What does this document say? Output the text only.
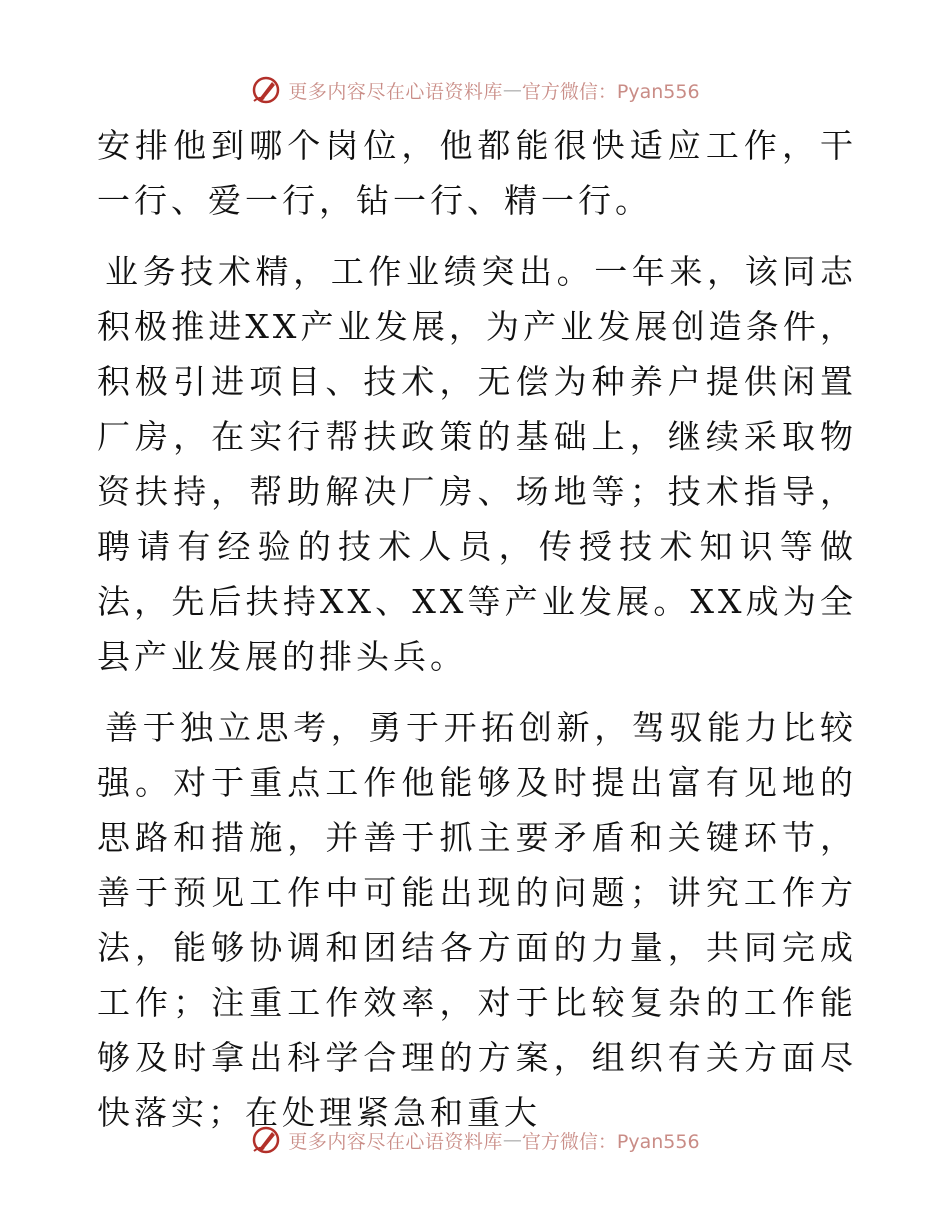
更多内容尽在心语资料库 — 官方微信：Pyan556

安排他到哪个岗位，他都能很快适应工作，干一行、爱一行，钻一行、精一行。

业务技术精，工作业绩突出。一年来，该同志积极推进XX产业发展，为产业发展创造条件，积极引进项目、技术，无偿为种养户提供闲置厂房，在实行帮扶政策的基础上，继续采取物资扶持，帮助解决厂房、场地等；技术指导，聘请有经验的技术人员，传授技术知识等做法，先后扶持XX、XX等产业发展。XX成为全县产业发展的排头兵。

善于独立思考，勇于开拓创新，驾驭能力比较强。对于重点工作他能够及时提出富有见地的思路和措施，并善于抓主要矛盾和关键环节，善于预见工作中可能出现的问题；讲究工作方法，能够协调和团结各方面的力量，共同完成工作；注重工作效率，对于比较复杂的工作能够及时拿出科学合理的方案，组织有关方面尽快落实；在处理紧急和重大

更多内容尽在心语资料库 — 官方微信：Pyan556
